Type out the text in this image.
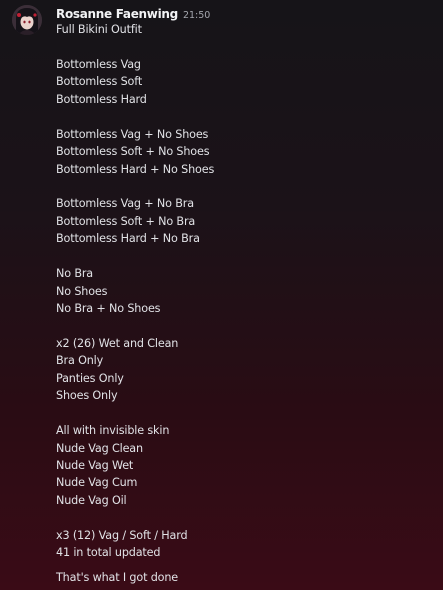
Rosanne Faenwing 21:50
Full Bikini Outfit
Bottomless Vag
Bottomless Soft
Bottomless Hard
Bottomless Vag + No Shoes
Bottomless Soft + No Shoes
Bottomless Hard + No Shoes
Bottomless Vag + No Bra
Bottomless Soft + No Bra
Bottomless Hard + No Bra
No Bra
No Shoes
No Bra + No Shoes
x2 (26) Wet and Clean
Bra Only
Panties Only
Shoes Only
All with invisible skin
Nude Vag Clean
Nude Vag Wet
Nude Vag Cum
Nude Vag Oil
x3 (12) Vag / Soft / Hard
41 in total updated
That's what I got done
